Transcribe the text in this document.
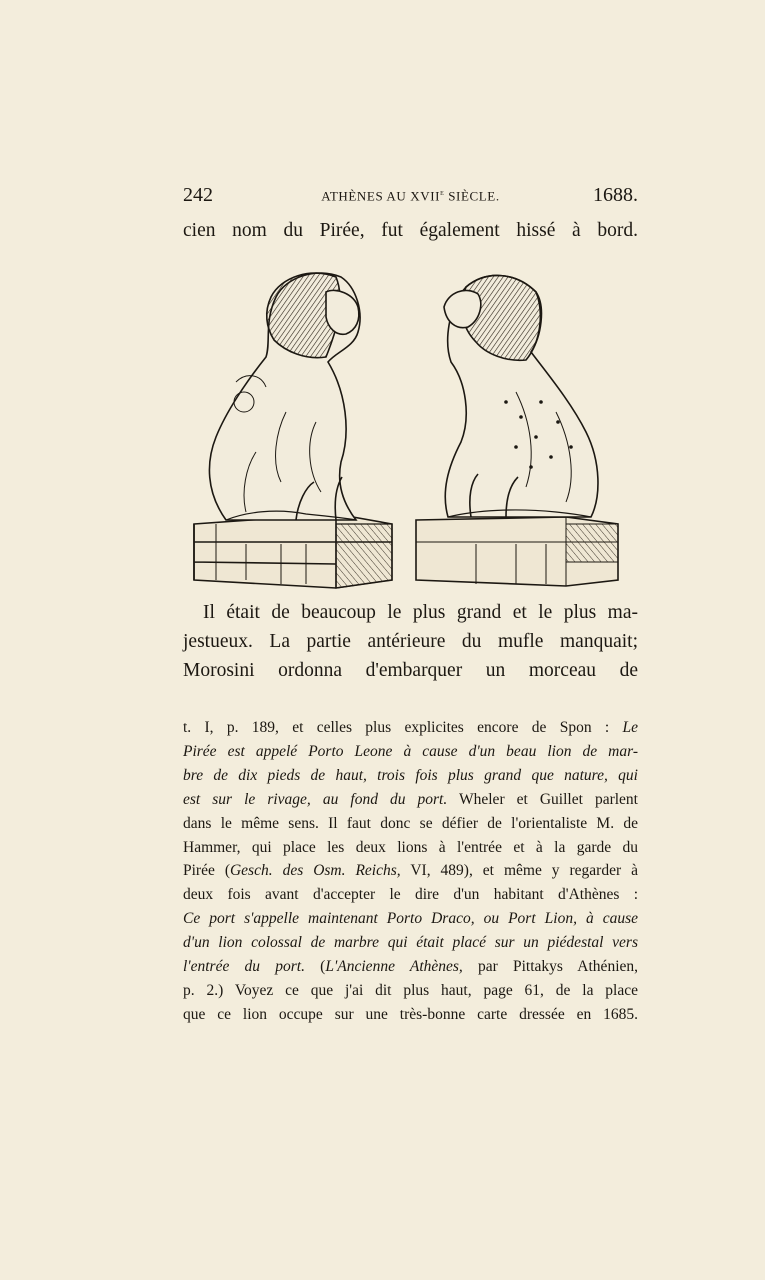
242	ATHÈNES AU XVIIe SIÈCLE.	1688.
cien nom du Pirée, fut également hissé à bord.
Il était de beaucoup le plus grand et le plus ma-
jestueux. La partie antérieure du mufle manquait;
Morosini ordonna d'embarquer un morceau de
t. I, p. 189, et celles plus explicites encore de Spon : Le
Pirée est appelé Porto Leone à cause d'un beau lion de mar-
bre de dix pieds de haut, trois fois plus grand que nature, qui
est sur le rivage, au fond du port. Wheler et Guillet parlent
dans le même sens. Il faut donc se défier de l'orientaliste M. de
Hammer, qui place les deux lions à l'entrée et à la garde du
Pirée (Gesch. des Osm. Reichs, VI, 489), et même y regarder à
deux fois avant d'accepter le dire d'un habitant d'Athènes :
Ce port s'appelle maintenant Porto Draco, ou Port Lion, à cause
d'un lion colossal de marbre qui était placé sur un piédestal vers
l'entrée du port. (L'Ancienne Athènes, par Pittakys Athénien,
p. 2.) Voyez ce que j'ai dit plus haut, page 61, de la place
que ce lion occupe sur une très-bonne carte dressée en 1685.
